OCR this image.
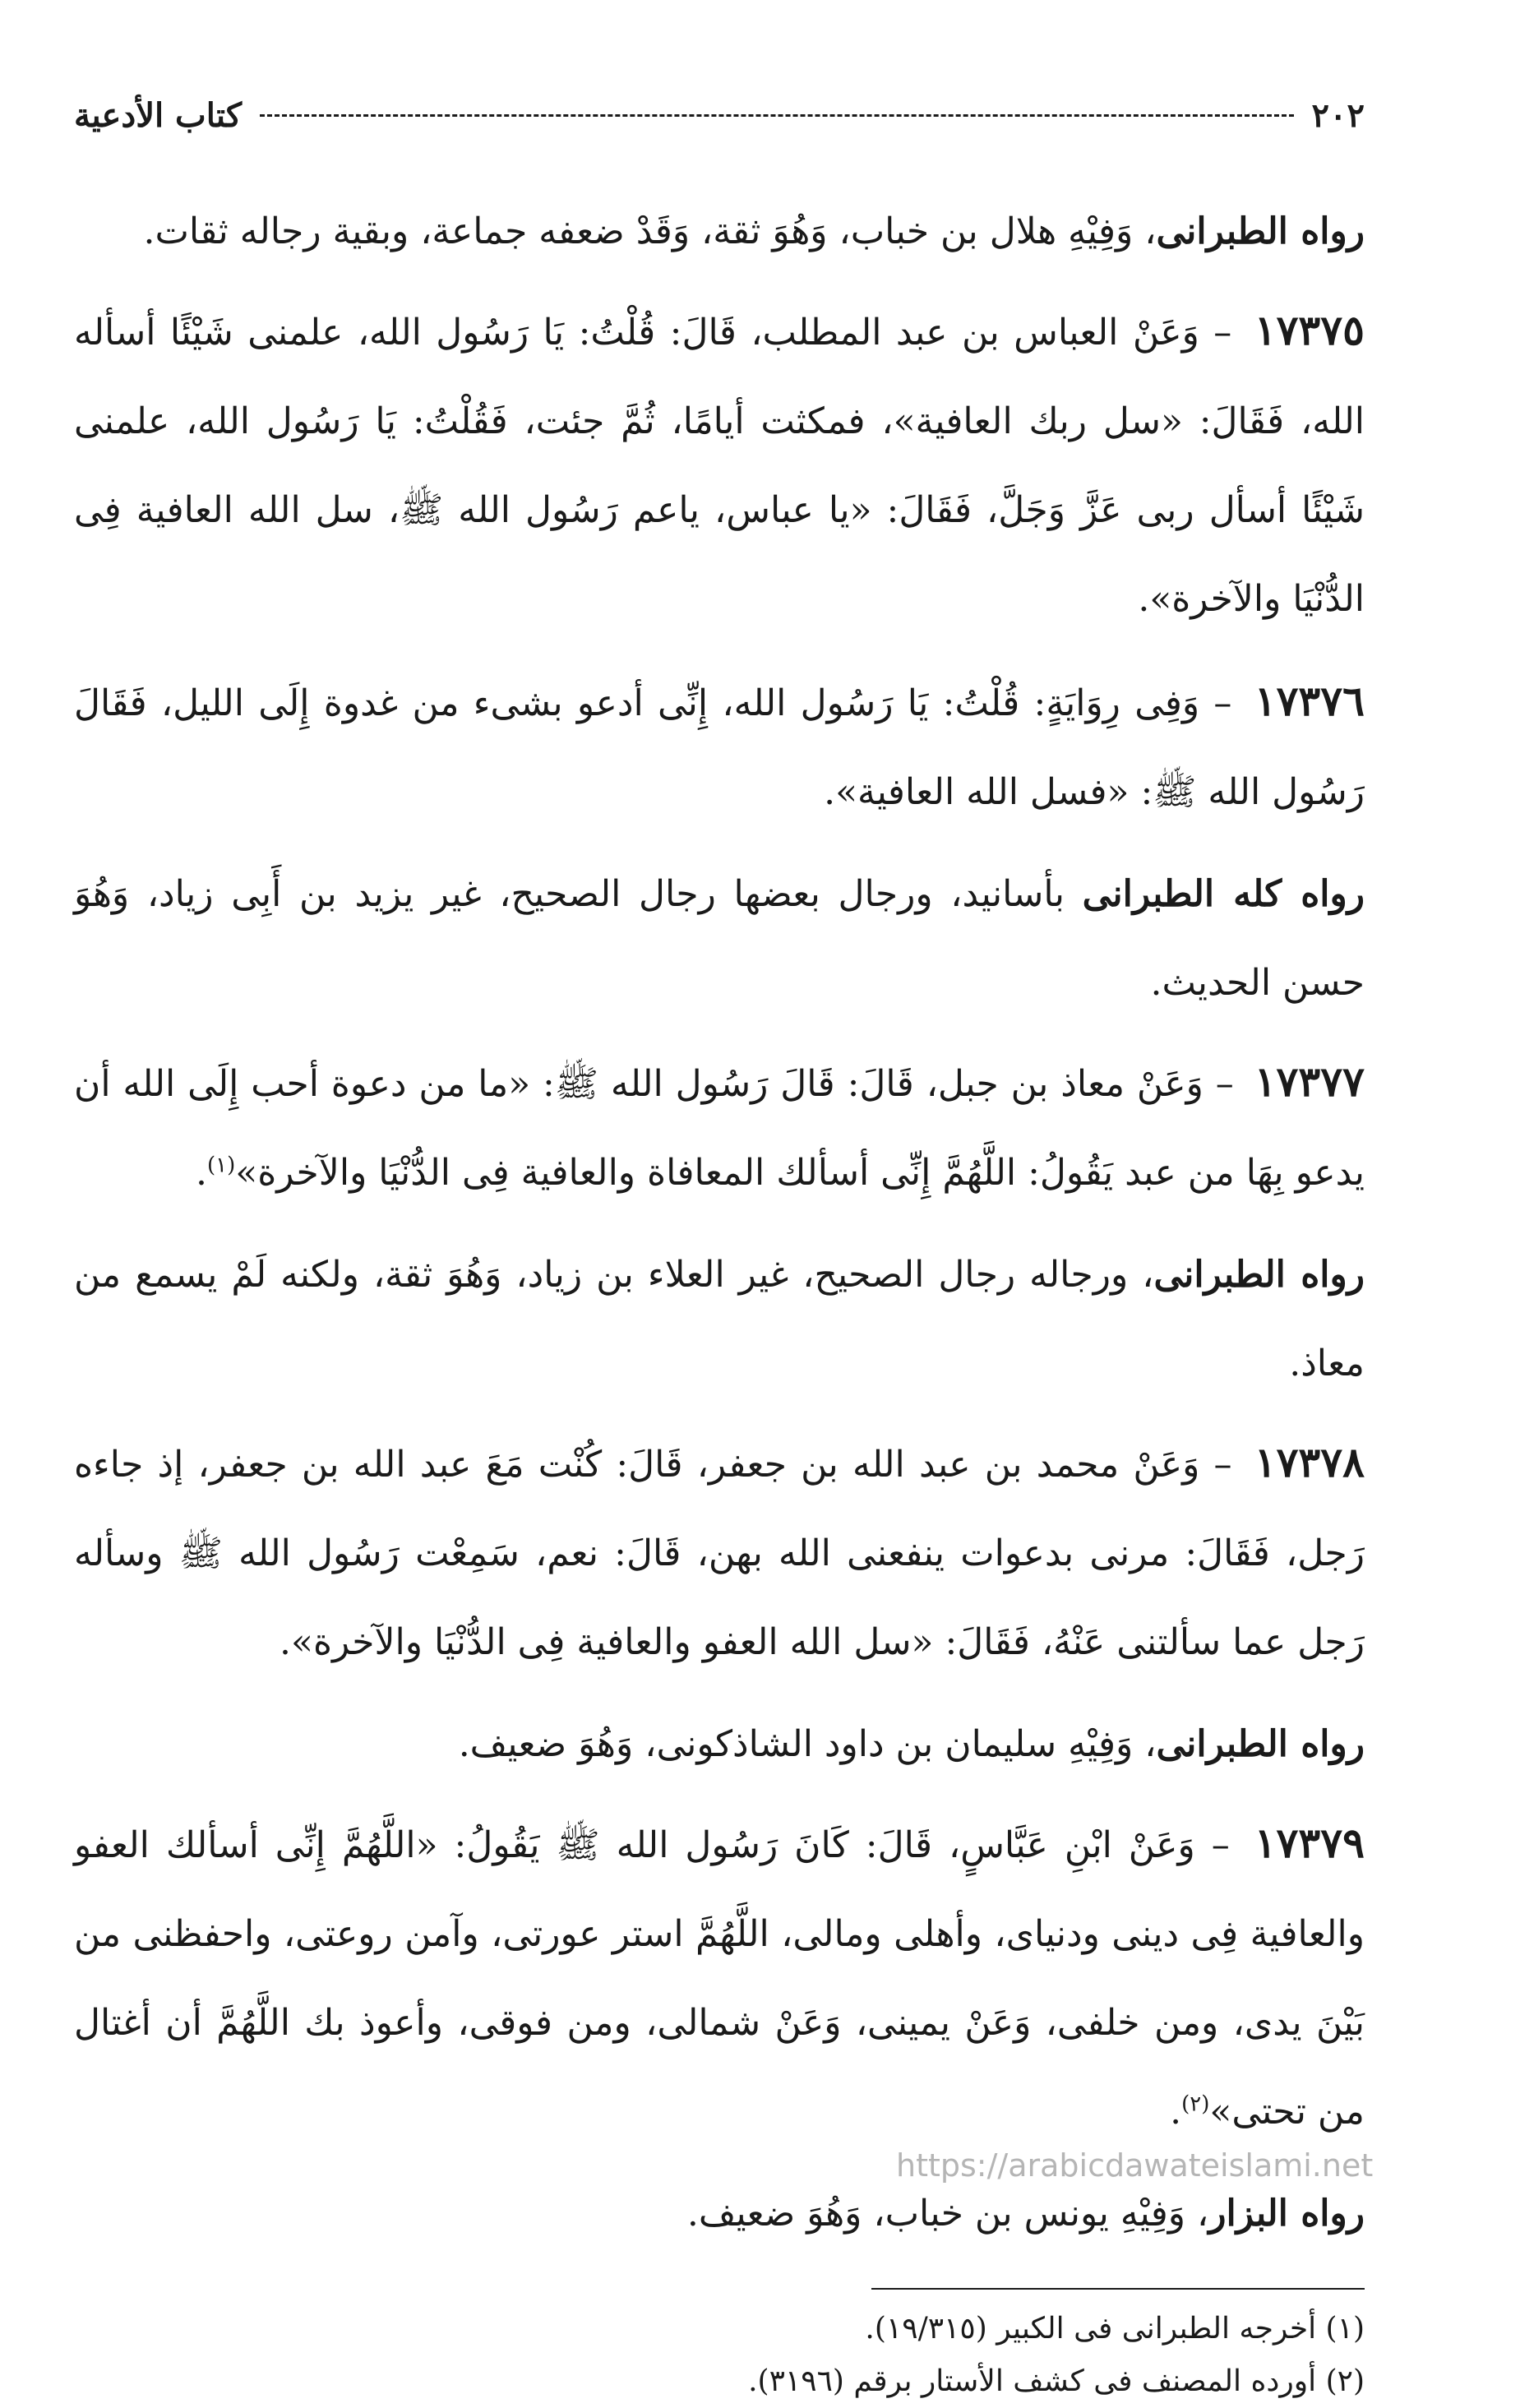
٢٠٢
كتاب الأدعية

رواه الطبرانى، وَفِيْهِ هلال بن خباب، وَهُوَ ثقة، وَقَدْ ضعفه جماعة، وبقية رجاله ثقات.

١٧٣٧٥ – وَعَنْ العباس بن عبد المطلب، قَالَ: قُلْتُ: يَا رَسُول الله، علمنى شَيْئًا أسأله الله، فَقَالَ: «سل ربك العافية»، فمكثت أيامًا، ثُمَّ جئت، فَقُلْتُ: يَا رَسُول الله، علمنى شَيْئًا أسأل ربى عَزَّ وَجَلَّ، فَقَالَ: «يا عباس، ياعم رَسُول الله ﷺ، سل الله العافية فِى الدُّنْيَا والآخرة».

١٧٣٧٦ – وَفِى رِوَايَةٍ: قُلْتُ: يَا رَسُول الله، إِنِّى أدعو بشىء من غدوة إِلَى الليل، فَقَالَ رَسُول الله ﷺ: «فسل الله العافية».

رواه كله الطبرانى بأسانيد، ورجال بعضها رجال الصحيح، غير يزيد بن أَبِى زياد، وَهُوَ حسن الحديث.

١٧٣٧٧ – وَعَنْ معاذ بن جبل، قَالَ: قَالَ رَسُول الله ﷺ: «ما من دعوة أحب إِلَى الله أن يدعو بِهَا من عبد يَقُولُ: اللَّهُمَّ إِنِّى أسألك المعافاة والعافية فِى الدُّنْيَا والآخرة»$^{(١)}$.

رواه الطبرانى، ورجاله رجال الصحيح، غير العلاء بن زياد، وَهُوَ ثقة، ولكنه لَمْ يسمع من معاذ.

١٧٣٧٨ – وَعَنْ محمد بن عبد الله بن جعفر، قَالَ: كُنْت مَعَ عبد الله بن جعفر، إذ جاءه رَجل، فَقَالَ: مرنى بدعوات ينفعنى الله بهن، قَالَ: نعم، سَمِعْت رَسُول الله ﷺ وسأله رَجل عما سألتنى عَنْهُ، فَقَالَ: «سل الله العفو والعافية فِى الدُّنْيَا والآخرة».

رواه الطبرانى، وَفِيْهِ سليمان بن داود الشاذكونى، وَهُوَ ضعيف.

١٧٣٧٩ – وَعَنْ ابْنِ عَبَّاسٍ، قَالَ: كَانَ رَسُول الله ﷺ يَقُولُ: «اللَّهُمَّ إِنِّى أسألك العفو والعافية فِى دينى ودنياى، وأهلى ومالى، اللَّهُمَّ استر عورتى، وآمن روعتى، واحفظنى من بَيْنَ يدى، ومن خلفى، وَعَنْ يمينى، وَعَنْ شمالى، ومن فوقى، وأعوذ بك اللَّهُمَّ أن أغتال من تحتى»$^{(٢)}$.

رواه البزار، وَفِيْهِ يونس بن خباب، وَهُوَ ضعيف.

(١) أخرجه الطبرانى فى الكبير (١٩/٣١٥).

(٢) أورده المصنف فى كشف الأستار برقم (٣١٩٦).

https://arabicdawateislami.net
